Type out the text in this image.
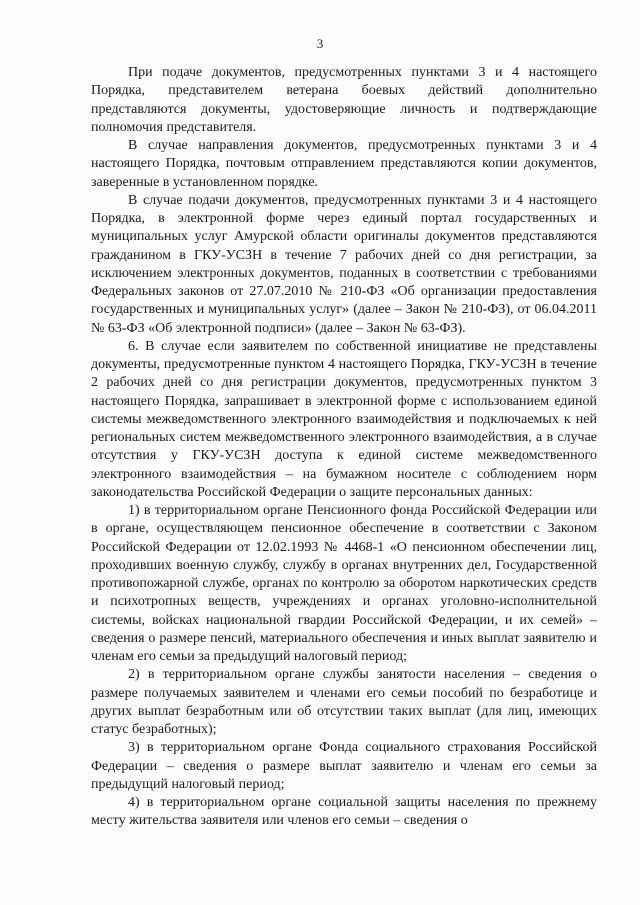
3

При подаче документов, предусмотренных пунктами 3 и 4 настоящего Порядка, представителем ветерана боевых действий дополнительно представляются документы, удостоверяющие личность и подтверждающие полномочия представителя.

В случае направления документов, предусмотренных пунктами 3 и 4 настоящего Порядка, почтовым отправлением представляются копии документов, заверенные в установленном порядке.

В случае подачи документов, предусмотренных пунктами 3 и 4 настоящего Порядка, в электронной форме через единый портал государственных и муниципальных услуг Амурской области оригиналы документов представляются гражданином в ГКУ-УСЗН в течение 7 рабочих дней со дня регистрации, за исключением электронных документов, поданных в соответствии с требованиями Федеральных законов от 27.07.2010 № 210-ФЗ «Об организации предоставления государственных и муниципальных услуг» (далее – Закон № 210-ФЗ), от 06.04.2011 № 63-ФЗ «Об электронной подписи» (далее – Закон № 63-ФЗ).

6. В случае если заявителем по собственной инициативе не представлены документы, предусмотренные пунктом 4 настоящего Порядка, ГКУ-УСЗН в течение 2 рабочих дней со дня регистрации документов, предусмотренных пунктом 3 настоящего Порядка, запрашивает в электронной форме с использованием единой системы межведомственного электронного взаимодействия и подключаемых к ней региональных систем межведомственного электронного взаимодействия, а в случае отсутствия у ГКУ-УСЗН доступа к единой системе межведомственного электронного взаимодействия – на бумажном носителе с соблюдением норм законодательства Российской Федерации о защите персональных данных:

1) в территориальном органе Пенсионного фонда Российской Федерации или в органе, осуществляющем пенсионное обеспечение в соответствии с Законом Российской Федерации от 12.02.1993 № 4468-1 «О пенсионном обеспечении лиц, проходивших военную службу, службу в органах внутренних дел, Государственной противопожарной службе, органах по контролю за оборотом наркотических средств и психотропных веществ, учреждениях и органах уголовно-исполнительной системы, войсках национальной гвардии Российской Федерации, и их семей» – сведения о размере пенсий, материального обеспечения и иных выплат заявителю и членам его семьи за предыдущий налоговый период;

2) в территориальном органе службы занятости населения – сведения о размере получаемых заявителем и членами его семьи пособий по безработице и других выплат безработным или об отсутствии таких выплат (для лиц, имеющих статус безработных);

3) в территориальном органе Фонда социального страхования Российской Федерации – сведения о размере выплат заявителю и членам его семьи за предыдущий налоговый период;

4) в территориальном органе социальной защиты населения по прежнему месту жительства заявителя или членов его семьи – сведения о
